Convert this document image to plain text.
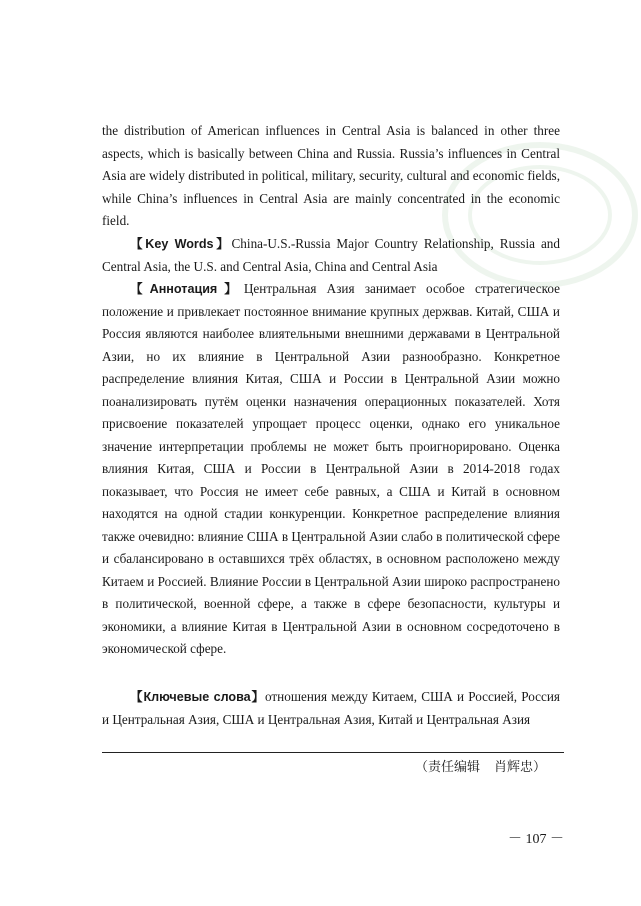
the distribution of American influences in Central Asia is balanced in other three aspects, which is basically between China and Russia. Russia’s influences in Central Asia are widely distributed in political, military, security, cultural and economic fields, while China’s influences in Central Asia are mainly concentrated in the economic field.

【Key Words】China-U.S.-Russia Major Country Relationship, Russia and Central Asia, the U.S. and Central Asia, China and Central Asia

【Аннотация】Центральная Азия занимает особое стратегическое положение и привлекает постоянное внимание крупных держвав. Китай, США и Россия являются наиболее влиятельными внешними державами в Центральной Азии, но их влияние в Центральной Азии разнообразно. Конкретное распределение влияния Китая, США и России в Центральной Азии можно поанализировать путём оценки назначения операционных показателей. Хотя присвоение показателей упрощает процесс оценки, однако его уникальное значение интерпретации проблемы не может быть проигнорировано. Оценка влияния Китая, США и России в Центральной Азии в 2014-2018 годах показывает, что Россия не имеет себе равных, а США и Китай в основном находятся на одной стадии конкуренции. Конкретное распределение влияния также очевидно: влияние США в Центральной Азии слабо в политической сфере и сбалансировано в оставшихся трёх областях, в основном расположено между Китаем и Россией. Влияние России в Центральной Азии широко распространено в политической, военной сфере, а также в сфере безопасности, культуры и экономики, а влияние Китая в Центральной Азии в основном сосредоточено в экономической сфере.

【Ключевые слова】отношения между Китаем, США и Россией, Россия и Центральная Азия, США и Центральная Азия, Китай и Центральная Азия

（责任编辑 肖辉忠）
－ 107 －
